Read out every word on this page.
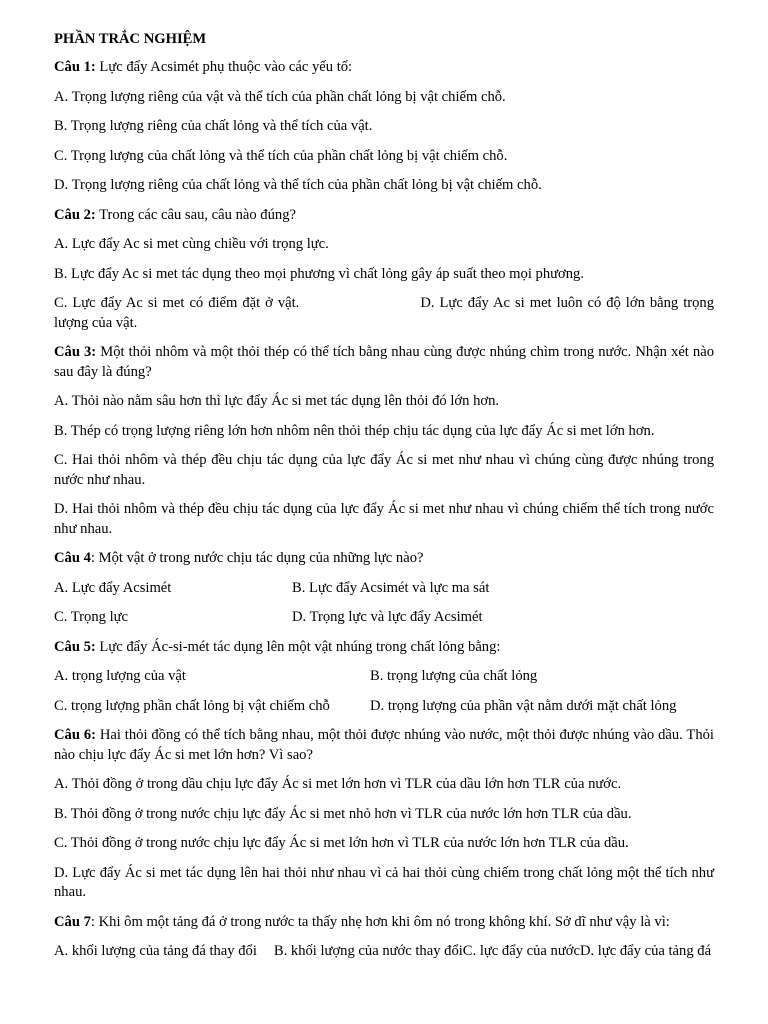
PHẦN TRẮC NGHIỆM
Câu 1: Lực đẩy Acsimét phụ thuộc vào các yếu tố:
A. Trọng lượng riêng của vật và thể tích của phần chất lỏng bị vật chiếm chỗ.
B. Trọng lượng riêng của chất lỏng và thể tích của vật.
C. Trọng lượng của chất lỏng và thể tích của phần chất lỏng bị vật chiếm chỗ.
D. Trọng lượng riêng của chất lỏng và thể tích của phần chất lỏng bị vật chiếm chỗ.
Câu 2: Trong các câu sau, câu nào đúng?
A. Lực đẩy Ac si met cùng chiều với trọng lực.
B. Lực đẩy Ac si met tác dụng theo mọi phương vì chất lỏng gây áp suất theo mọi phương.
C. Lực đẩy Ac si met có điểm đặt ở vật.	D. Lực đẩy Ac si met luôn có độ lớn bằng trọng lượng của vật.
Câu 3: Một thỏi nhôm và một thỏi thép có thể tích bằng nhau cùng được nhúng chìm trong nước. Nhận xét nào sau đây là đúng?
A. Thỏi nào nằm sâu hơn thì lực đẩy Ác si met tác dụng lên thỏi đó lớn hơn.
B. Thép có trọng lượng riêng lớn hơn nhôm nên thỏi thép chịu tác dụng của lực đẩy Ác si met lớn hơn.
C. Hai thỏi nhôm và thép đều chịu tác dụng của lực đẩy Ác si met như nhau vì chúng cùng được nhúng trong nước như nhau.
D. Hai thỏi nhôm và thép đều chịu tác dụng của lực đẩy Ác si met như nhau vì chúng chiếm thể tích trong nước như nhau.
Câu 4: Một vật ở trong nước chịu tác dụng của những lực nào?
A. Lực đẩy Acsimét	B. Lực đẩy Acsimét và lực ma sát
C. Trọng lực	D. Trọng lực và lực đẩy Acsimét
Câu 5: Lực đẩy Ác-si-mét tác dụng lên một vật nhúng trong chất lỏng bằng:
A. trọng lượng của vật	B. trọng lượng của chất lỏng
C. trọng lượng phần chất lỏng bị vật chiếm chỗ	D. trọng lượng của phần vật nằm dưới mặt chất lỏng
Câu 6: Hai thỏi đồng có thể tích bằng nhau, một thỏi được nhúng vào nước, một thỏi được nhúng vào dầu. Thỏi nào chịu lực đẩy Ác si met lớn hơn? Vì sao?
A. Thỏi đồng ở trong dầu chịu lực đẩy Ác si met lớn hơn vì TLR của dầu lớn hơn TLR của nước.
B. Thỏi đồng ở trong nước chịu lực đẩy Ác si met nhỏ hơn vì TLR của nước lớn hơn TLR của dầu.
C. Thỏi đồng ở trong nước chịu lực đẩy Ác si met lớn hơn vì TLR của nước lớn hơn TLR của dầu.
D. Lực đẩy Ác si met tác dụng lên hai thỏi như nhau vì cả hai thỏi cùng chiếm trong chất lỏng một thể tích như nhau.
Câu 7: Khi ôm một tảng đá ở trong nước ta thấy nhẹ hơn khi ôm nó trong không khí. Sở dĩ như vậy là vì:
A. khối lượng của tảng đá thay đổi B. khối lượng của nước thay đổiC. lực đẩy của nướcD. lực đẩy của tảng đá
